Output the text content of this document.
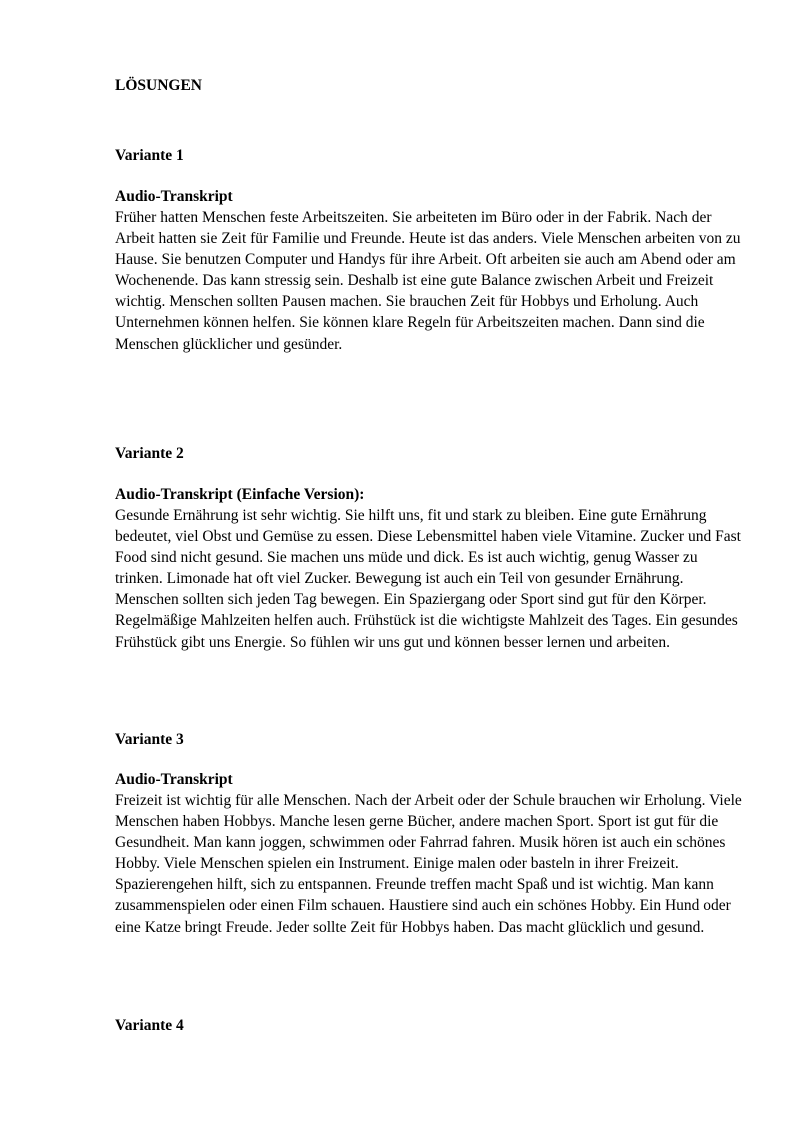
LÖSUNGEN
Variante 1
Audio-Transkript

Früher hatten Menschen feste Arbeitszeiten. Sie arbeiteten im Büro oder in der Fabrik. Nach der Arbeit hatten sie Zeit für Familie und Freunde. Heute ist das anders. Viele Menschen arbeiten von zu Hause. Sie benutzen Computer und Handys für ihre Arbeit. Oft arbeiten sie auch am Abend oder am Wochenende. Das kann stressig sein. Deshalb ist eine gute Balance zwischen Arbeit und Freizeit wichtig. Menschen sollten Pausen machen. Sie brauchen Zeit für Hobbys und Erholung. Auch Unternehmen können helfen. Sie können klare Regeln für Arbeitszeiten machen. Dann sind die Menschen glücklicher und gesünder.

Variante 2
Audio-Transkript (Einfache Version):

Gesunde Ernährung ist sehr wichtig. Sie hilft uns, fit und stark zu bleiben. Eine gute Ernährung bedeutet, viel Obst und Gemüse zu essen. Diese Lebensmittel haben viele Vitamine. Zucker und Fast Food sind nicht gesund. Sie machen uns müde und dick. Es ist auch wichtig, genug Wasser zu trinken. Limonade hat oft viel Zucker. Bewegung ist auch ein Teil von gesunder Ernährung. Menschen sollten sich jeden Tag bewegen. Ein Spaziergang oder Sport sind gut für den Körper. Regelmäßige Mahlzeiten helfen auch. Frühstück ist die wichtigste Mahlzeit des Tages. Ein gesundes Frühstück gibt uns Energie. So fühlen wir uns gut und können besser lernen und arbeiten.

Variante 3
Audio-Transkript

Freizeit ist wichtig für alle Menschen. Nach der Arbeit oder der Schule brauchen wir Erholung. Viele Menschen haben Hobbys. Manche lesen gerne Bücher, andere machen Sport. Sport ist gut für die Gesundheit. Man kann joggen, schwimmen oder Fahrrad fahren. Musik hören ist auch ein schönes Hobby. Viele Menschen spielen ein Instrument. Einige malen oder basteln in ihrer Freizeit. Spazierengehen hilft, sich zu entspannen. Freunde treffen macht Spaß und ist wichtig. Man kann zusammenspielen oder einen Film schauen. Haustiere sind auch ein schönes Hobby. Ein Hund oder eine Katze bringt Freude. Jeder sollte Zeit für Hobbys haben. Das macht glücklich und gesund.

Variante 4
